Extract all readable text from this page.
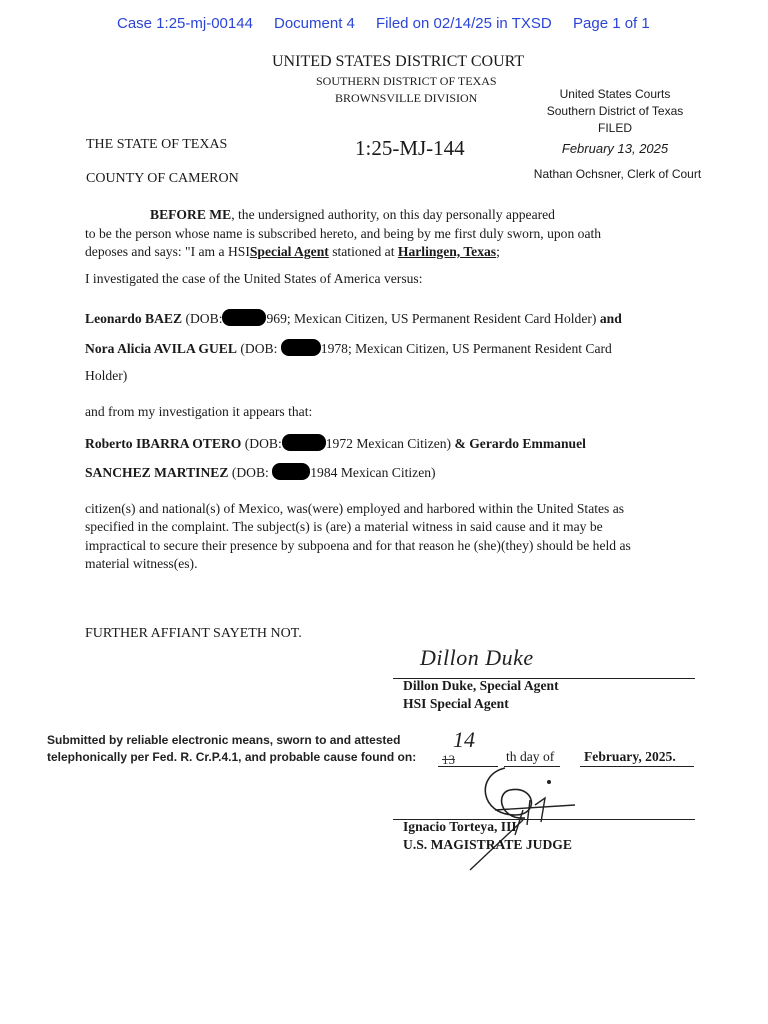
Case 1:25-mj-00144 Document 4 Filed on 02/14/25 in TXSD Page 1 of 1
UNITED STATES DISTRICT COURT
SOUTHERN DISTRICT OF TEXAS
BROWNSVILLE DIVISION	United States Courts
Southern District of Texas
FILED
February 13, 2025
Nathan Ochsner, Clerk of Court
THE STATE OF TEXAS
COUNTY OF CAMERON
1:25-MJ-144
BEFORE ME, the undersigned authority, on this day personally appeared
to be the person whose name is subscribed hereto, and being by me first duly sworn, upon oath
deposes and says: "I am a HSISpecial Agent stationed at Harlingen, Texas;
I investigated the case of the United States of America versus:
Leonardo BAEZ (DOB:	969; Mexican Citizen, US Permanent Resident Card Holder) and
Nora Alicia AVILA GUEL (DOB:	1978; Mexican Citizen, US Permanent Resident Card
Holder)
and from my investigation it appears that:
Roberto IBARRA OTERO (DOB:	1972 Mexican Citizen) & Gerardo Emmanuel
SANCHEZ MARTINEZ (DOB:	1984 Mexican Citizen)
citizen(s) and national(s) of Mexico, was(were) employed and harbored within the United States as
specified in the complaint. The subject(s) is (are) a material witness in said cause and it may be
impractical to secure their presence by subpoena and for that reason he (she)(they) should be held as
material witness(es).
FURTHER AFFIANT SAYETH NOT.
Dillon Duke
Dillon Duke, Special Agent
HSI Special Agent
Submitted by reliable electronic means, sworn to and attested
telephonically per Fed. R. Cr.P.4.1, and probable cause found on:
14
13	th day of February, 2025.
Ignacio Torteya, III
U.S. MAGISTRATE JUDGE
